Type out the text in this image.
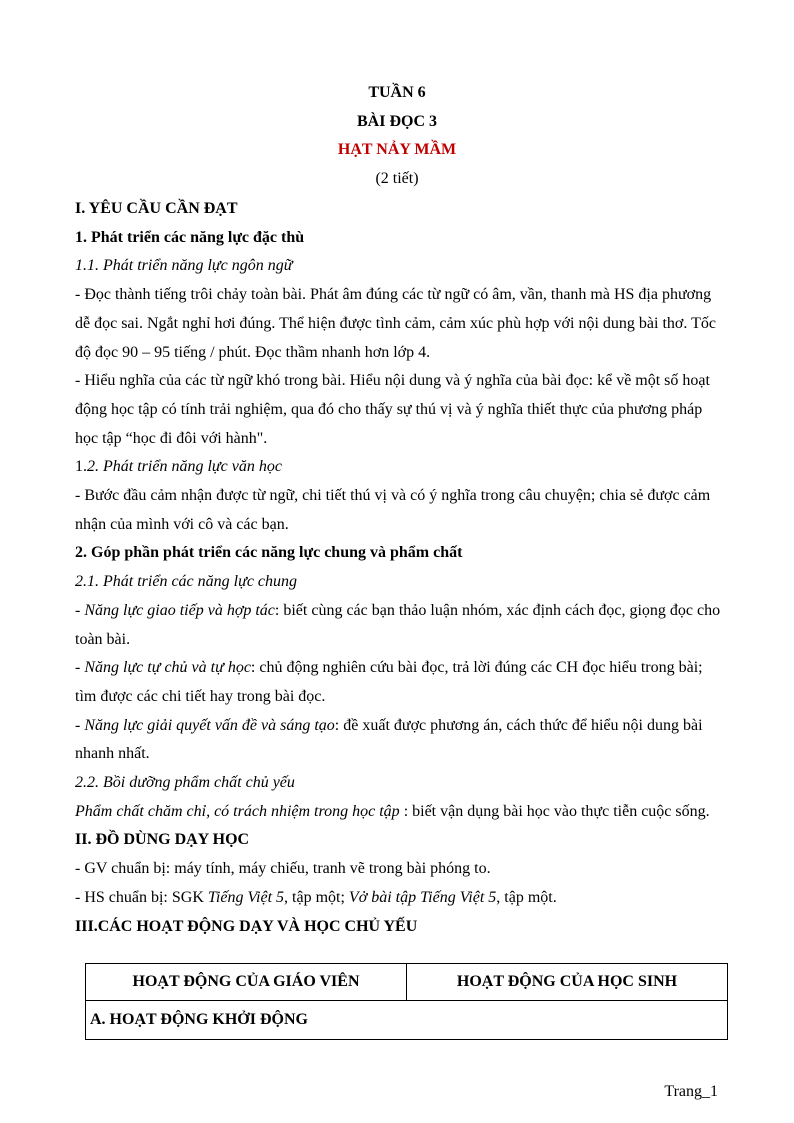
TUẦN 6
BÀI ĐỌC 3
HẠT NẢY MẦM
(2 tiết)

I. YÊU CẦU CẦN ĐẠT

1. Phát triển các năng lực đặc thù

1.1. Phát triển năng lực ngôn ngữ

- Đọc thành tiếng trôi chảy toàn bài. Phát âm đúng các từ ngữ có âm, vần, thanh mà HS địa phương dễ đọc sai. Ngắt nghỉ hơi đúng. Thể hiện được tình cảm, cảm xúc phù hợp với nội dung bài thơ. Tốc độ đọc 90 – 95 tiếng / phút. Đọc thầm nhanh hơn lớp 4.

- Hiểu nghĩa của các từ ngữ khó trong bài. Hiểu nội dung và ý nghĩa của bài đọc: kể về một số hoạt động học tập có tính trải nghiệm, qua đó cho thấy sự thú vị và ý nghĩa thiết thực của phương pháp học tập “học đi đôi với hành".

1.2. Phát triển năng lực văn học

- Bước đầu cảm nhận được từ ngữ, chi tiết thú vị và có ý nghĩa trong câu chuyện; chia sẻ được cảm nhận của mình với cô và các bạn.

2. Góp phần phát triển các năng lực chung và phẩm chất

2.1. Phát triển các năng lực chung

- Năng lực giao tiếp và hợp tác: biết cùng các bạn thảo luận nhóm, xác định cách đọc, giọng đọc cho toàn bài.

- Năng lực tự chủ và tự học: chủ động nghiên cứu bài đọc, trả lời đúng các CH đọc hiểu trong bài; tìm được các chi tiết hay trong bài đọc.

- Năng lực giải quyết vấn đề và sáng tạo: đề xuất được phương án, cách thức để hiểu nội dung bài nhanh nhất.

2.2. Bồi dưỡng phẩm chất chủ yếu

Phẩm chất chăm chỉ, có trách nhiệm trong học tập : biết vận dụng bài học vào thực tiễn cuộc sống.

II. ĐỒ DÙNG DẠY HỌC

- GV chuẩn bị: máy tính, máy chiếu, tranh vẽ trong bài phóng to.

- HS chuẩn bị: SGK Tiếng Việt 5, tập một; Vở bài tập Tiếng Việt 5, tập một.

III.CÁC HOẠT ĐỘNG DẠY VÀ HỌC CHỦ YẾU

HOẠT ĐỘNG CỦA GIÁO VIÊN	HOẠT ĐỘNG CỦA HỌC SINH
A. HOẠT ĐỘNG KHỞI ĐỘNG
Trang_1
